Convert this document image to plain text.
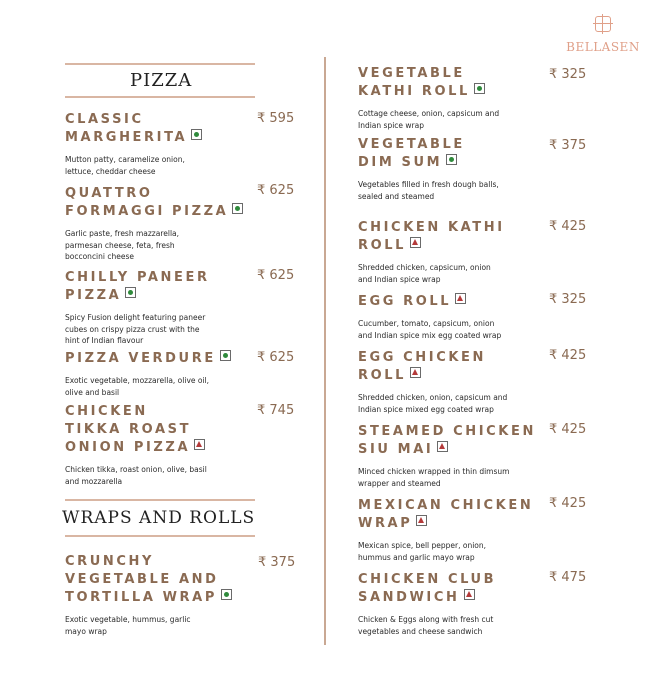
BELLASEN
PIZZA
CLASSIC
MARGHERITA
Mutton patty, caramelize onion,
lettuce, cheddar cheese
₹ 595
QUATTRO
FORMAGGI PIZZA
Garlic paste, fresh mazzarella,
parmesan cheese, feta, fresh
bocconcini cheese
₹ 625
CHILLY PANEER
PIZZA
Spicy Fusion delight featuring paneer
cubes on crispy pizza crust with the
hint of Indian flavour
₹ 625
PIZZA VERDURE
Exotic vegetable, mozzarella, olive oil,
olive and basil
₹ 625
CHICKEN
TIKKA ROAST
ONION PIZZA
Chicken tikka, roast onion, olive, basil
and mozzarella
₹ 745
WRAPS AND ROLLS
CRUNCHY
VEGETABLE AND
TORTILLA WRAP
Exotic vegetable, hummus, garlic
mayo wrap
₹ 375
VEGETABLE
KATHI ROLL
Cottage cheese, onion, capsicum and
Indian spice wrap
₹ 325
VEGETABLE
DIM SUM
Vegetables filled in fresh dough balls,
sealed and steamed
₹ 375
CHICKEN KATHI
ROLL
Shredded chicken, capsicum, onion
and Indian spice wrap
₹ 425
EGG ROLL
Cucumber, tomato, capsicum, onion
and Indian spice mix egg coated wrap
₹ 325
EGG CHICKEN
ROLL
Shredded chicken, onion, capsicum and
Indian spice mixed egg coated wrap
₹ 425
STEAMED CHICKEN
SIU MAI
Minced chicken wrapped in thin dimsum
wrapper and steamed
₹ 425
MEXICAN CHICKEN
WRAP
Mexican spice, bell pepper, onion,
hummus and garlic mayo wrap
₹ 425
CHICKEN CLUB
SANDWICH
Chicken & Eggs along with fresh cut
vegetables and cheese sandwich
₹ 475
